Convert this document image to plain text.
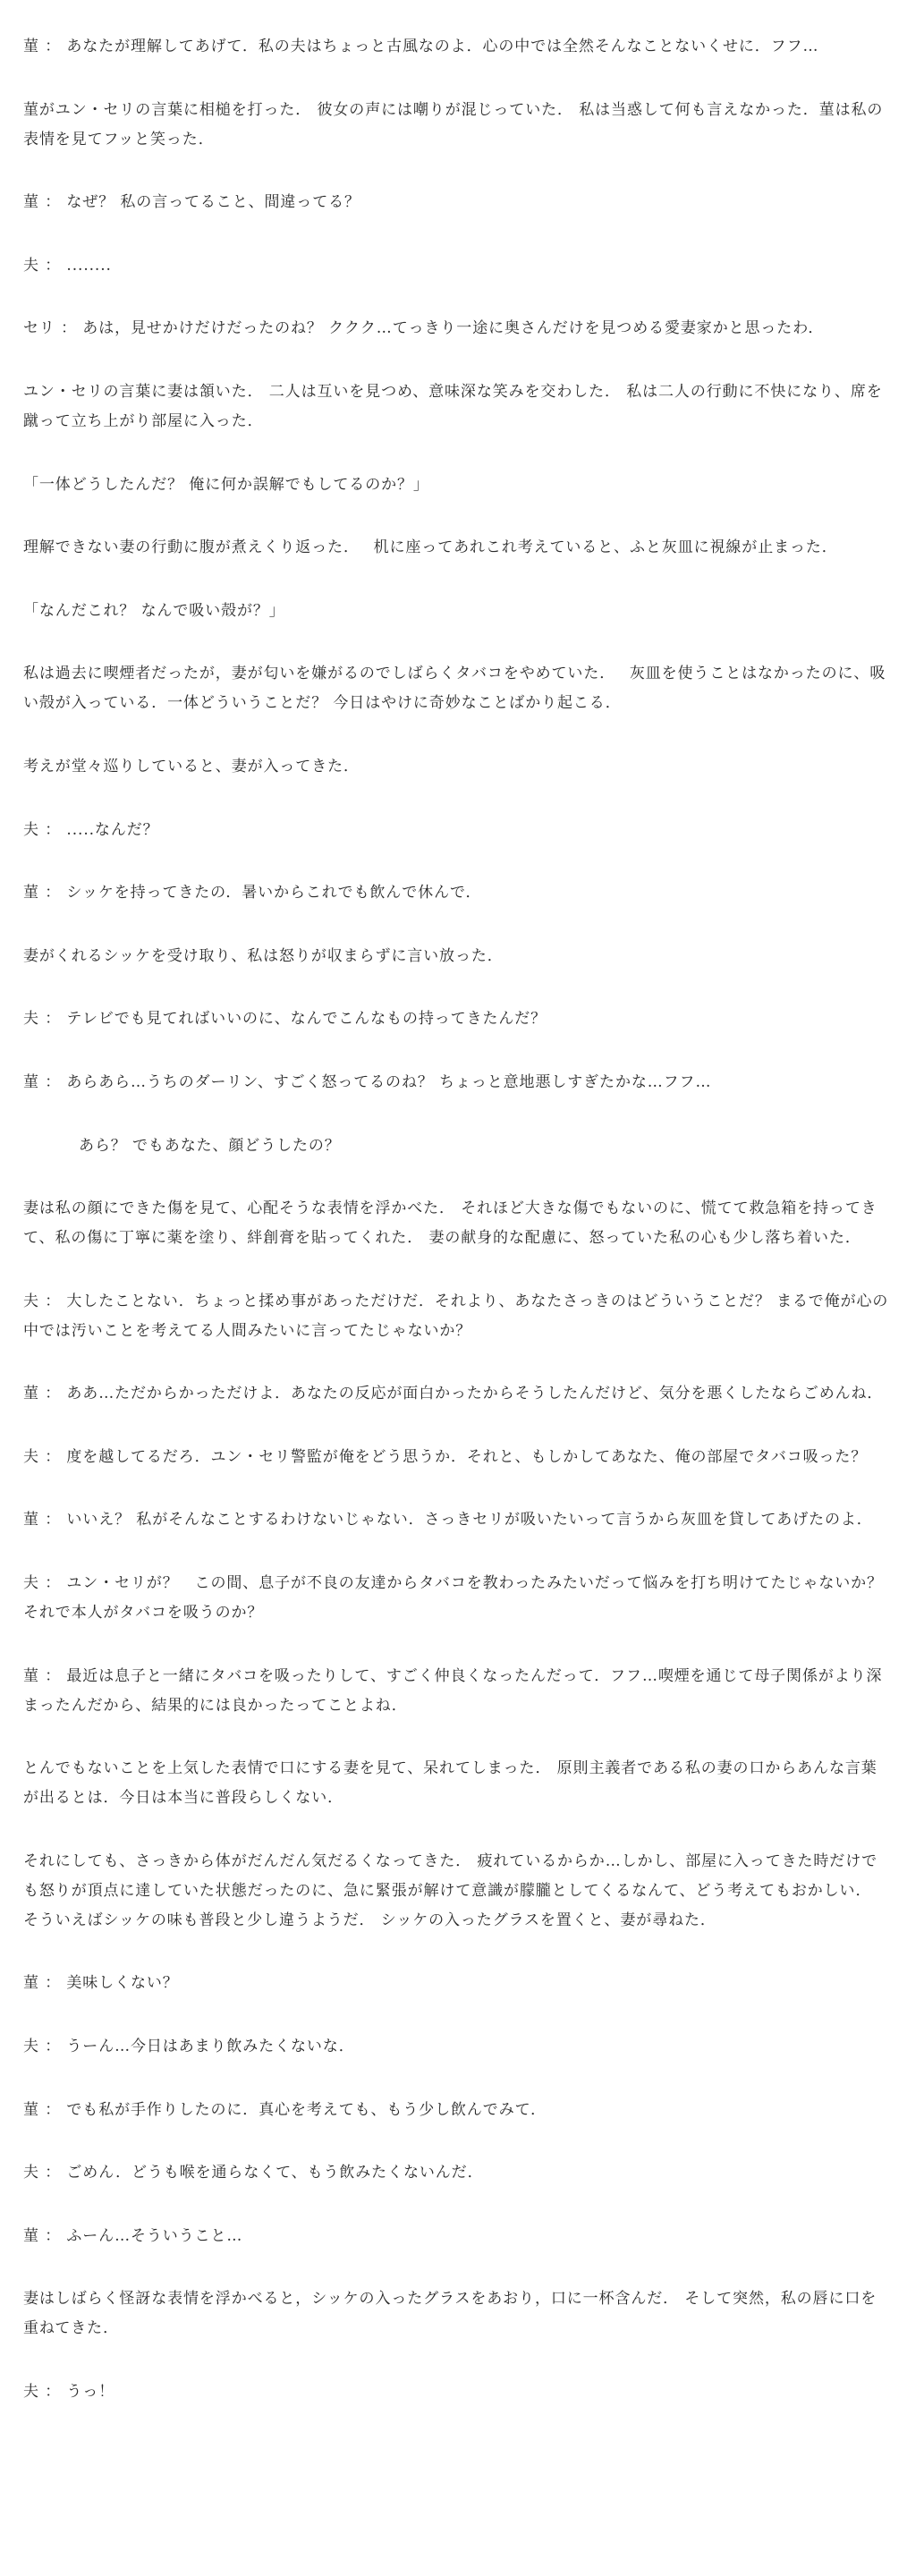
菫 ： あなたが理解してあげて．私の夫はちょっと古風なのよ．心の中では全然そんなことないくせに．フフ…

菫がユン・セリの言葉に相槌を打った． 彼女の声には嘲りが混じっていた． 私は当惑して何も言えなかった．菫は私の表情を見てフッと笑った．

菫 ： なぜ？ 私の言ってること、間違ってる？

夫 ： ........

セリ ： あは，見せかけだけだったのね？ ククク…てっきり一途に奥さんだけを見つめる愛妻家かと思ったわ．

ユン・セリの言葉に妻は頷いた． 二人は互いを見つめ、意味深な笑みを交わした． 私は二人の行動に不快になり、席を蹴って立ち上がり部屋に入った．

「一体どうしたんだ？ 俺に何か誤解でもしてるのか？」

理解できない妻の行動に腹が煮えくり返った．　 机に座ってあれこれ考えていると、ふと灰皿に視線が止まった．

「なんだこれ？ なんで吸い殻が？」

私は過去に喫煙者だったが，妻が匂いを嫌がるのでしばらくタバコをやめていた．　 灰皿を使うことはなかったのに、吸い殻が入っている．一体どういうことだ？ 今日はやけに奇妙なことばかり起こる．

考えが堂々巡りしていると、妻が入ってきた．

夫 ： .....なんだ？

菫 ： シッケを持ってきたの．暑いからこれでも飲んで休んで．

妻がくれるシッケを受け取り、私は怒りが収まらずに言い放った．

夫 ： テレビでも見てればいいのに、なんでこんなもの持ってきたんだ？

菫 ： あらあら…うちのダーリン、すごく怒ってるのね？ ちょっと意地悪しすぎたかな…フフ…

あら？ でもあなた、顔どうしたの？

妻は私の顔にできた傷を見て、心配そうな表情を浮かべた． それほど大きな傷でもないのに、慌てて救急箱を持ってきて、私の傷に丁寧に薬を塗り、絆創膏を貼ってくれた． 妻の献身的な配慮に、怒っていた私の心も少し落ち着いた．

夫 ： 大したことない．ちょっと揉め事があっただけだ．それより、あなたさっきのはどういうことだ？ まるで俺が心の中では汚いことを考えてる人間みたいに言ってたじゃないか？

菫 ： ああ…ただからかっただけよ．あなたの反応が面白かったからそうしたんだけど、気分を悪くしたならごめんね．

夫 ： 度を越してるだろ．ユン・セリ警監が俺をどう思うか．それと、もしかしてあなた、俺の部屋でタバコ吸った？

菫 ： いいえ？ 私がそんなことするわけないじゃない．さっきセリが吸いたいって言うから灰皿を貸してあげたのよ．

夫 ： ユン・セリが？　この間、息子が不良の友達からタバコを教わったみたいだって悩みを打ち明けてたじゃないか？ それで本人がタバコを吸うのか？

菫 ： 最近は息子と一緒にタバコを吸ったりして、すごく仲良くなったんだって．フフ…喫煙を通じて母子関係がより深まったんだから、結果的には良かったってことよね．

とんでもないことを上気した表情で口にする妻を見て、呆れてしまった． 原則主義者である私の妻の口からあんな言葉が出るとは．今日は本当に普段らしくない．

それにしても、さっきから体がだんだん気だるくなってきた． 疲れているからか…しかし、部屋に入ってきた時だけでも怒りが頂点に達していた状態だったのに、急に緊張が解けて意識が朦朧としてくるなんて、どう考えてもおかしい． そういえばシッケの味も普段と少し違うようだ． シッケの入ったグラスを置くと、妻が尋ねた．

菫 ： 美味しくない？

夫 ： うーん…今日はあまり飲みたくないな．

菫 ： でも私が手作りしたのに．真心を考えても、もう少し飲んでみて．

夫 ： ごめん．どうも喉を通らなくて、もう飲みたくないんだ．

菫 ： ふーん…そういうこと…

妻はしばらく怪訝な表情を浮かべると，シッケの入ったグラスをあおり，口に一杯含んだ． そして突然，私の唇に口を重ねてきた．

夫 ： うっ！
